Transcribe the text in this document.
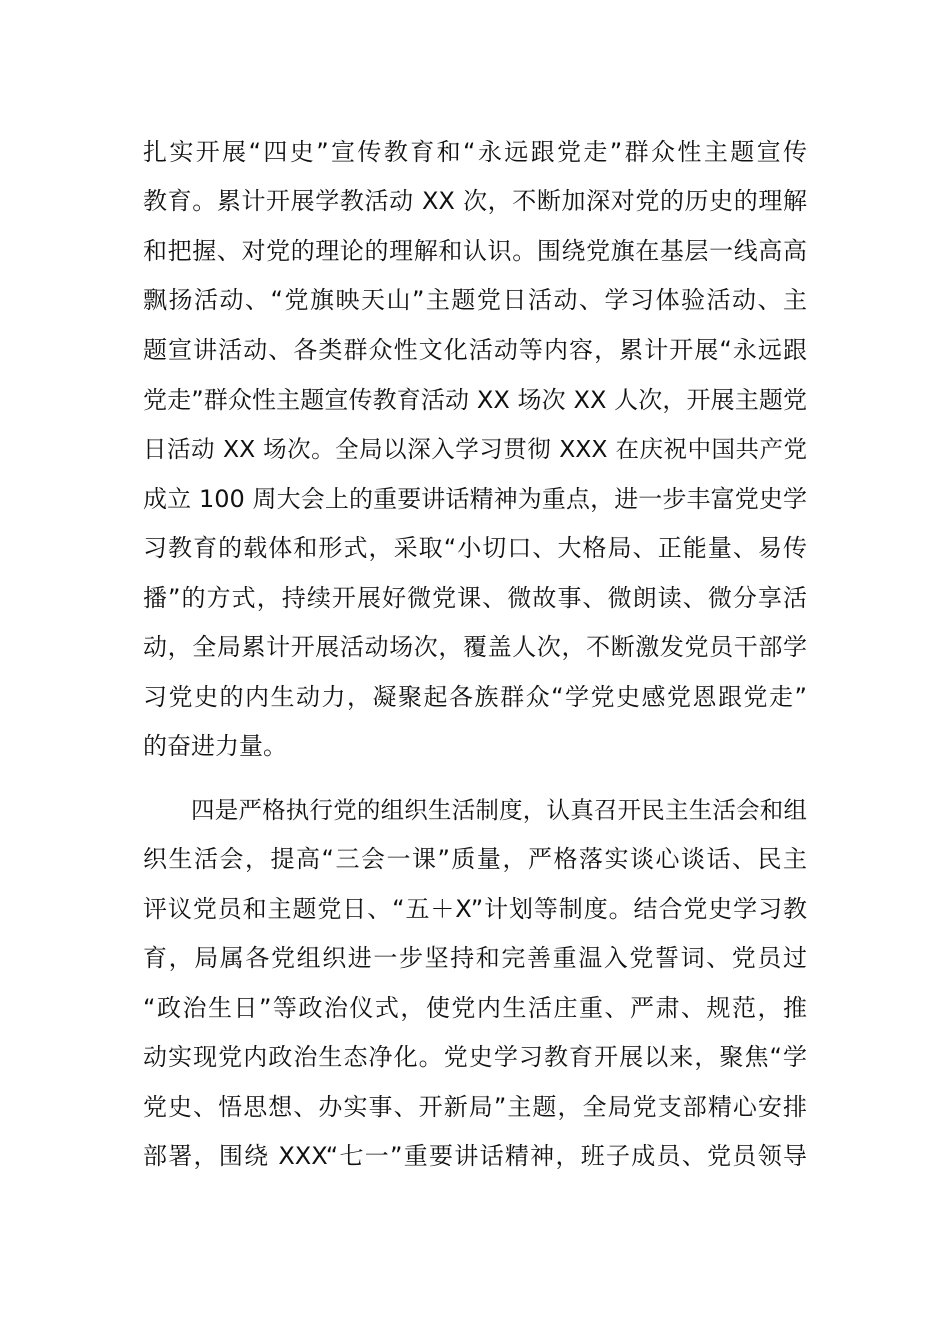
扎实开展“四史”宣传教育和“永远跟党走”群众性主题宣传
教育。累计开展学教活动 XX 次，不断加深对党的历史的理解
和把握、对党的理论的理解和认识。围绕党旗在基层一线高高
飘扬活动、“党旗映天山”主题党日活动、学习体验活动、主
题宣讲活动、各类群众性文化活动等内容，累计开展“永远跟
党走”群众性主题宣传教育活动 XX 场次 XX 人次，开展主题党
日活动 XX 场次。全局以深入学习贯彻 XXX 在庆祝中国共产党
成立 100 周大会上的重要讲话精神为重点，进一步丰富党史学
习教育的载体和形式，采取“小切口、大格局、正能量、易传
播”的方式，持续开展好微党课、微故事、微朗读、微分享活
动，全局累计开展活动场次，覆盖人次，不断激发党员干部学
习党史的内生动力，凝聚起各族群众“学党史感党恩跟党走”
的奋进力量。
四是严格执行党的组织生活制度，认真召开民主生活会和组
织生活会，提高“三会一课”质量，严格落实谈心谈话、民主
评议党员和主题党日、“五＋X”计划等制度。结合党史学习教
育，局属各党组织进一步坚持和完善重温入党誓词、党员过
“政治生日”等政治仪式，使党内生活庄重、严肃、规范，推
动实现党内政治生态净化。党史学习教育开展以来，聚焦“学
党史、悟思想、办实事、开新局”主题，全局党支部精心安排
部署，围绕 XXX“七一”重要讲话精神，班子成员、党员领导
